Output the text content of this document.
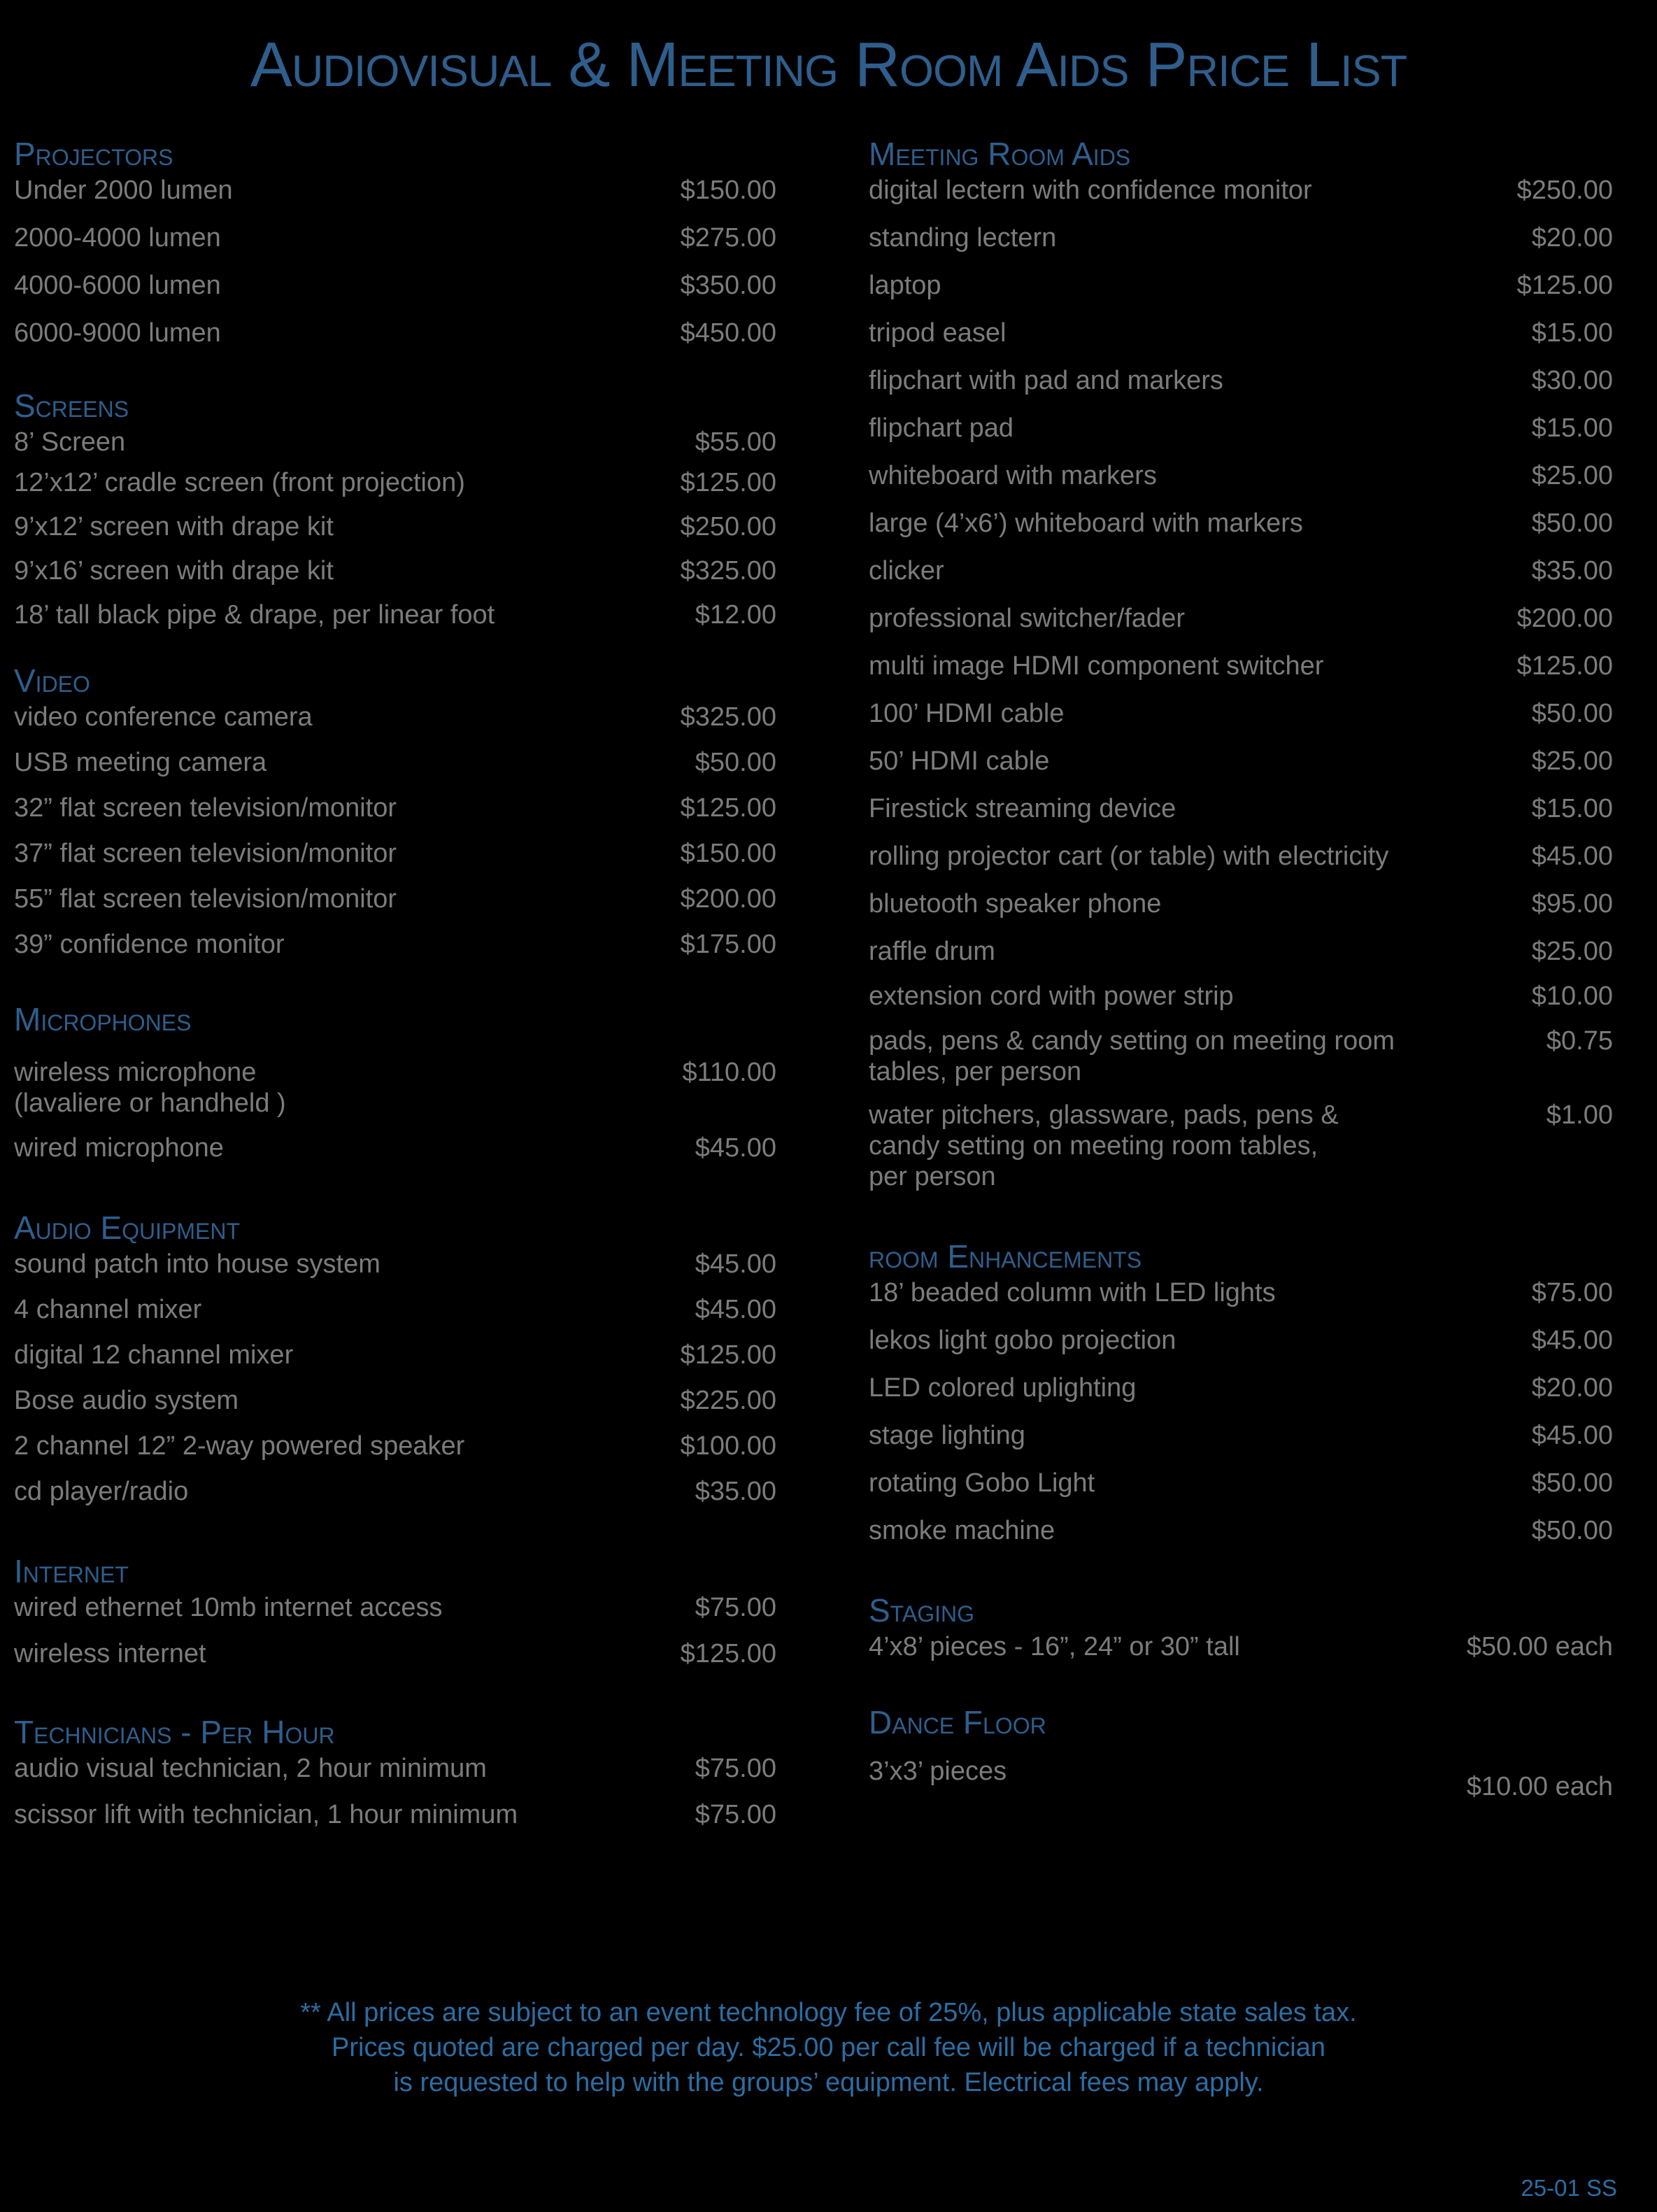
Audiovisual & Meeting Room Aids Price List
Projectors
Under 2000 lumen	$150.00
2000-4000 lumen	$275.00
4000-6000 lumen	$350.00
6000-9000 lumen	$450.00
Screens
8’ Screen	$55.00
12’x12’ cradle screen (front projection)	$125.00
9’x12’ screen with drape kit	$250.00
9’x16’ screen with drape kit	$325.00
18’ tall black pipe & drape, per linear foot	$12.00
Video
video conference camera	$325.00
USB meeting camera	$50.00
32” flat screen television/monitor	$125.00
37” flat screen television/monitor	$150.00
55” flat screen television/monitor	$200.00
39” confidence monitor	$175.00
Microphones
wireless microphone
(lavaliere or handheld )
$110.00
wired microphone	$45.00
Audio Equipment
sound patch into house system	$45.00
4 channel mixer	$45.00
digital 12 channel mixer	$125.00
Bose audio system	$225.00
2 channel 12” 2-way powered speaker	$100.00
cd player/radio	$35.00
Internet
wired ethernet 10mb internet access	$75.00
wireless internet	$125.00
Technicians - Per Hour
audio visual technician, 2 hour minimum	$75.00
scissor lift with technician, 1 hour minimum	$75.00
Meeting Room Aids
digital lectern with confidence monitor	$250.00
standing lectern	$20.00
laptop	$125.00
tripod easel	$15.00
flipchart with pad and markers	$30.00
flipchart pad	$15.00
whiteboard with markers	$25.00
large (4’x6’) whiteboard with markers	$50.00
clicker	$35.00
professional switcher/fader	$200.00
multi image HDMI component switcher	$125.00
100’ HDMI cable	$50.00
50’ HDMI cable	$25.00
Firestick streaming device	$15.00
rolling projector cart (or table) with electricity	$45.00
bluetooth speaker phone	$95.00
raffle drum	$25.00
extension cord with power strip	$10.00
pads, pens & candy setting on meeting room
tables, per person
$0.75
water pitchers, glassware, pads, pens &
candy setting on meeting room tables,
per person
$1.00
room Enhancements
18’ beaded column with LED lights	$75.00
lekos light gobo projection	$45.00
LED colored uplighting	$20.00
stage lighting	$45.00
rotating Gobo Light	$50.00
smoke machine	$50.00
Staging
4’x8’ pieces - 16”, 24” or 30” tall	$50.00 each
Dance Floor
3’x3’ pieces
$10.00 each
** All prices are subject to an event technology fee of 25%, plus applicable state sales tax.
Prices quoted are charged per day. $25.00 per call fee will be charged if a technician
is requested to help with the groups’ equipment. Electrical fees may apply.
25-01 SS
